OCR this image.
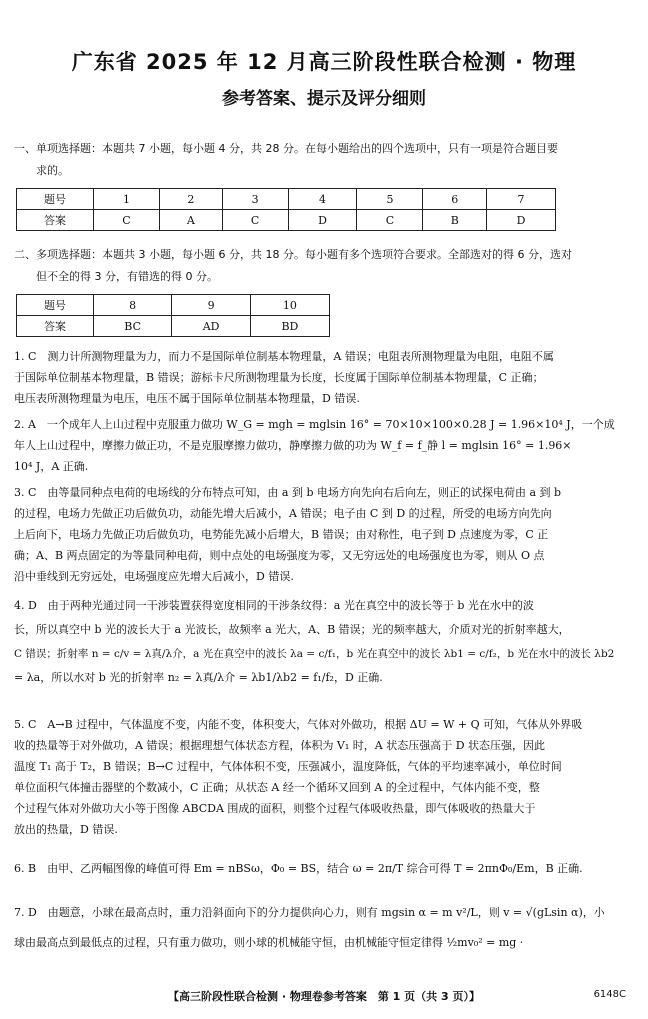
广东省 2025 年 12 月高三阶段性联合检测 · 物理
参考答案、提示及评分细则
一、单项选择题：本题共 7 小题，每小题 4 分，共 28 分。在每小题给出的四个选项中，只有一项是符合题目要
求的。
题号	1	2	3	4	5	6	7
答案	C	A	C	D	C	B	D
二、多项选择题：本题共 3 小题，每小题 6 分，共 18 分。每小题有多个选项符合要求。全部选对的得 6 分，选对
但不全的得 3 分，有错选的得 0 分。
题号	8	9	10
答案	BC	AD	BD
1. C　测力计所测物理量为力，而力不是国际单位制基本物理量，A 错误；电阻表所测物理量为电阻，电阻不属
于国际单位制基本物理量，B 错误；游标卡尺所测物理量为长度，长度属于国际单位制基本物理量，C 正确；
电压表所测物理量为电压，电压不属于国际单位制基本物理量，D 错误.
2. A　一个成年人上山过程中克服重力做功 W_G = mgh = mglsin 16° = 70×10×100×0.28 J = 1.96×10⁴ J，一个成
年人上山过程中，摩擦力做正功，不是克服摩擦力做功，静摩擦力做的功为 W_f = f_静 l = mglsin 16° = 1.96×
10⁴ J，A 正确.
3. C　由等量同种点电荷的电场线的分布特点可知，由 a 到 b 电场方向先向右后向左，则正的试探电荷由 a 到 b
的过程，电场力先做正功后做负功，动能先增大后减小，A 错误；电子由 C 到 D 的过程，所受的电场方向先向
上后向下，电场力先做正功后做负功，电势能先减小后增大，B 错误；由对称性，电子到 D 点速度为零，C 正
确；A、B 两点固定的为等量同种电荷，则中点处的电场强度为零，又无穷远处的电场强度也为零，则从 O 点
沿中垂线到无穷远处，电场强度应先增大后减小，D 错误.
4. D　由于两种光通过同一干涉装置获得宽度相同的干涉条纹得：a 光在真空中的波长等于 b 光在水中的波
长，所以真空中 b 光的波长大于 a 光波长，故频率 a 光大，A、B 错误；光的频率越大，介质对光的折射率越大，
C 错误；折射率 n = c/v = λ真/λ介，a 光在真空中的波长 λa = c/f₁，b 光在真空中的波长 λb1 = c/f₂，b 光在水中的波长 λb2
= λa，所以水对 b 光的折射率 n₂ = λ真/λ介 = λb1/λb2 = f₁/f₂，D 正确.
5. C　A→B 过程中，气体温度不变，内能不变，体积变大，气体对外做功，根据 ΔU = W + Q 可知，气体从外界吸
收的热量等于对外做功，A 错误；根据理想气体状态方程，体积为 V₁ 时，A 状态压强高于 D 状态压强，因此
温度 T₁ 高于 T₂，B 错误；B→C 过程中，气体体积不变，压强减小，温度降低，气体的平均速率减小，单位时间
单位面积气体撞击器壁的个数减小，C 正确；从状态 A 经一个循环又回到 A 的全过程中，气体内能不变，整
个过程气体对外做功大小等于图像 ABCDA 围成的面积，则整个过程气体吸收热量，即气体吸收的热量大于
放出的热量，D 错误.
6. B　由甲、乙两幅图像的峰值可得 Em = nBSω，Φ₀ = BS，结合 ω = 2π/T 综合可得 T = 2πnΦ₀/Em，B 正确.
7. D　由题意，小球在最高点时，重力沿斜面向下的分力提供向心力，则有 mgsin α = m v²/L，则 v = √(gLsin α)，小
球由最高点到最低点的过程，只有重力做功，则小球的机械能守恒，由机械能守恒定律得 ½mv₀² = mg ·
【高三阶段性联合检测 · 物理卷参考答案　第 1 页（共 3 页）】	6148C
